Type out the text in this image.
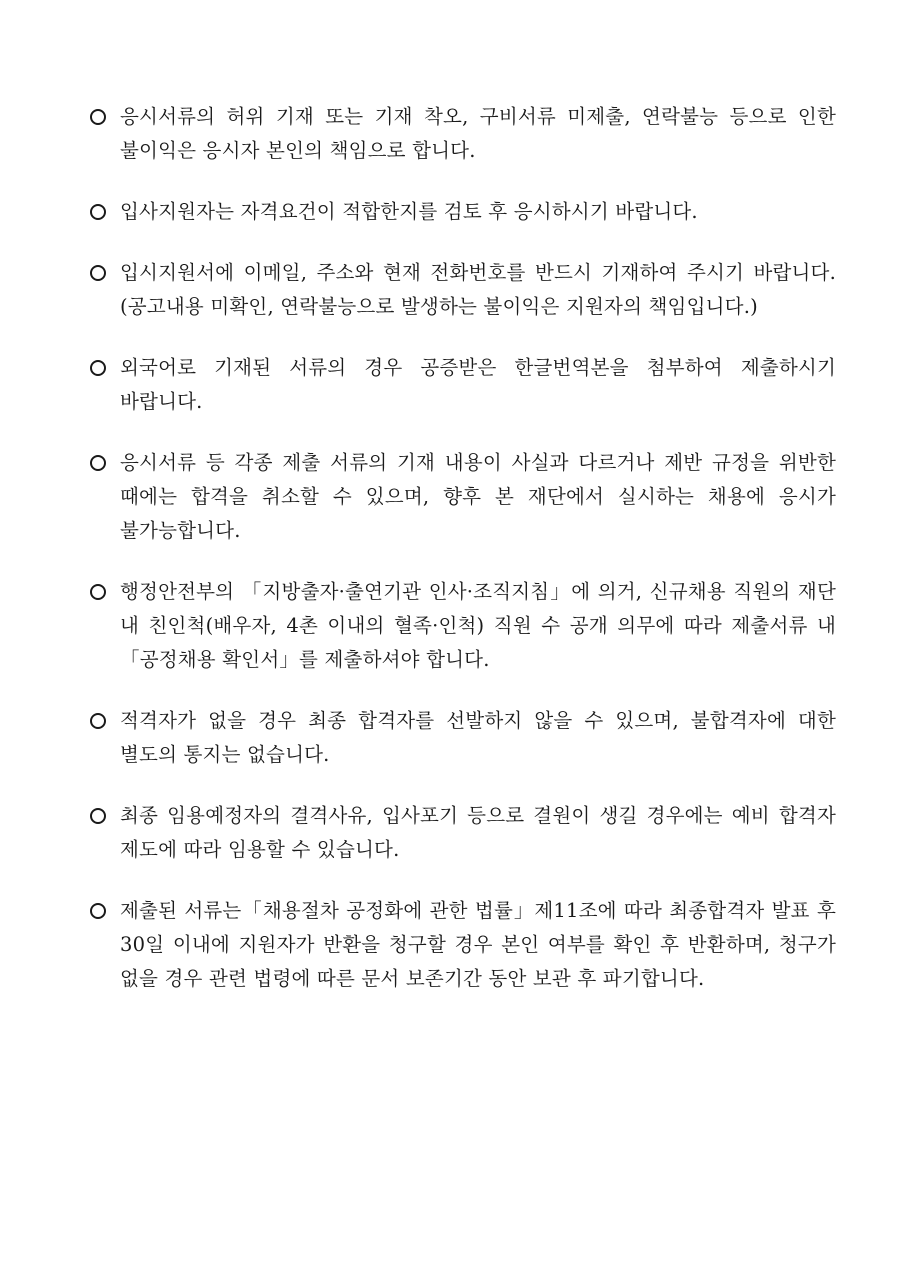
응시서류의 허위 기재 또는 기재 착오, 구비서류 미제출, 연락불능 등으로 인한 불이익은 응시자 본인의 책임으로 합니다.
입사지원자는 자격요건이 적합한지를 검토 후 응시하시기 바랍니다.
입시지원서에 이메일, 주소와 현재 전화번호를 반드시 기재하여 주시기 바랍니다. (공고내용 미확인, 연락불능으로 발생하는 불이익은 지원자의 책임입니다.)
외국어로 기재된 서류의 경우 공증받은 한글번역본을 첨부하여 제출하시기 바랍니다.
응시서류 등 각종 제출 서류의 기재 내용이 사실과 다르거나 제반 규정을 위반한 때에는 합격을 취소할 수 있으며, 향후 본 재단에서 실시하는 채용에 응시가 불가능합니다.
행정안전부의 「지방출자·출연기관 인사·조직지침」에 의거, 신규채용 직원의 재단 내 친인척(배우자, 4촌 이내의 혈족·인척) 직원 수 공개 의무에 따라 제출서류 내「공정채용 확인서」를 제출하셔야 합니다.
적격자가 없을 경우 최종 합격자를 선발하지 않을 수 있으며, 불합격자에 대한 별도의 통지는 없습니다.
최종 임용예정자의 결격사유, 입사포기 등으로 결원이 생길 경우에는 예비 합격자 제도에 따라 임용할 수 있습니다.
제출된 서류는「채용절차 공정화에 관한 법률」제11조에 따라 최종합격자 발표 후 30일 이내에 지원자가 반환을 청구할 경우 본인 여부를 확인 후 반환하며, 청구가 없을 경우 관련 법령에 따른 문서 보존기간 동안 보관 후 파기합니다.
